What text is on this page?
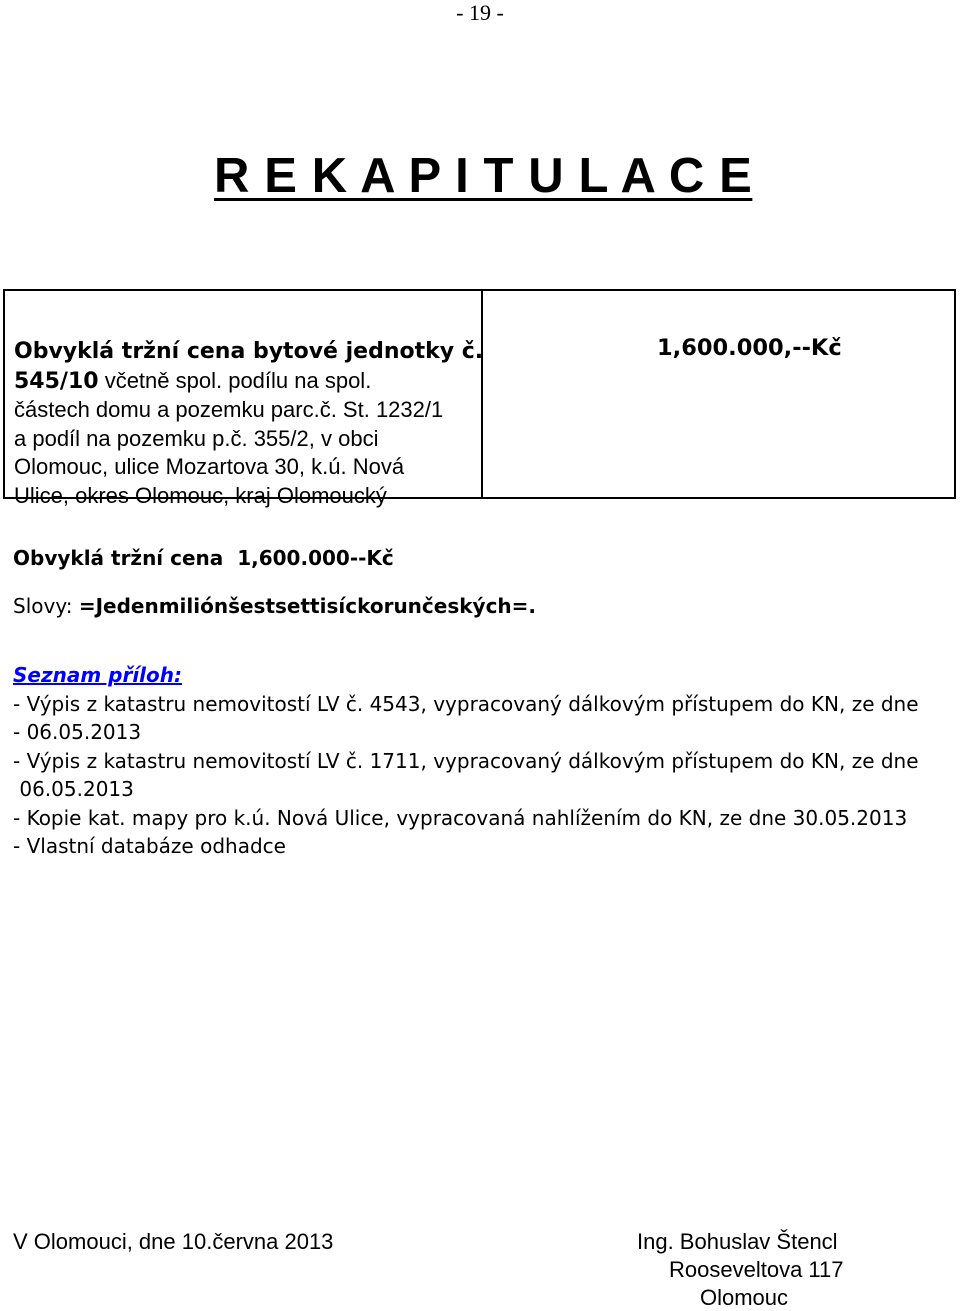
- 19 -
R E K A P I T U L A C E
Obvyklá tržní cena bytové jednotky č.
545/10 včetně spol. podílu na spol.
částech domu a pozemku parc.č. St. 1232/1
a podíl na pozemku p.č. 355/2, v obci
Olomouc, ulice Mozartova 30, k.ú. Nová
Ulice, okres Olomouc, kraj Olomoucký
1,600.000,--Kč
Obvyklá tržní cena  1,600.000--Kč
Slovy: =Jedenmiliónšestsettisíckorunčeských=.
Seznam příloh:
- Výpis z katastru nemovitostí LV č. 4543, vypracovaný dálkovým přístupem do KN, ze dne
- 06.05.2013
- Výpis z katastru nemovitostí LV č. 1711, vypracovaný dálkovým přístupem do KN, ze dne
06.05.2013
- Kopie kat. mapy pro k.ú. Nová Ulice, vypracovaná nahlížením do KN, ze dne 30.05.2013
- Vlastní databáze odhadce
V Olomouci, dne 10.června 2013	Ing. Bohuslav Štencl
Rooseveltova 117
Olomouc
